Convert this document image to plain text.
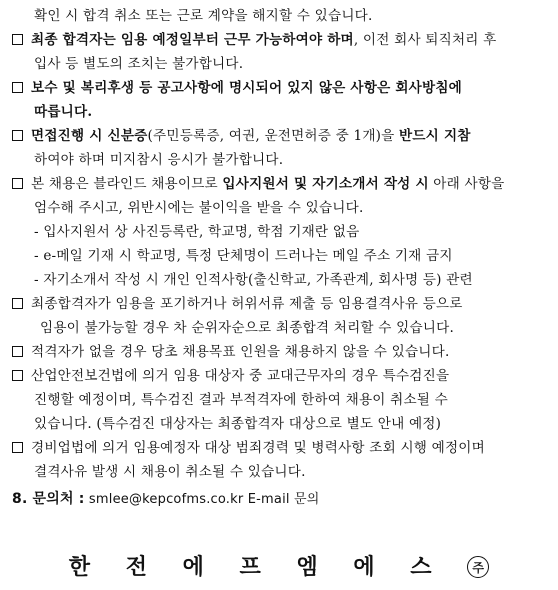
확인 시 합격 취소 또는 근로 계약을 해지할 수 있습니다.
최종 합격자는 임용 예정일부터 근무 가능하여야 하며, 이전 회사 퇴직처리 후
입사 등 별도의 조치는 불가합니다.
보수 및 복리후생 등 공고사항에 명시되어 있지 않은 사항은 회사방침에
따릅니다.
면접진행 시 신분증(주민등록증, 여권, 운전면허증 중 1개)을 반드시 지참
하여야 하며 미지참시 응시가 불가합니다.
본 채용은 블라인드 채용이므로 입사지원서 및 자기소개서 작성 시 아래 사항을
엄수해 주시고, 위반시에는 불이익을 받을 수 있습니다.
- 입사지원서 상 사진등록란, 학교명, 학점 기재란 없음
- e-메일 기재 시 학교명, 특정 단체명이 드러나는 메일 주소 기재 금지
- 자기소개서 작성 시 개인 인적사항(출신학교, 가족관계, 회사명 등) 관련
최종합격자가 임용을 포기하거나 허위서류 제출 등 임용결격사유 등으로
임용이 불가능할 경우 차 순위자순으로 최종합격 처리할 수 있습니다.
적격자가 없을 경우 당초 채용목표 인원을 채용하지 않을 수 있습니다.
산업안전보건법에 의거 임용 대상자 중 교대근무자의 경우 특수검진을
진행할 예정이며, 특수검진 결과 부적격자에 한하여 채용이 취소될 수
있습니다. (특수검진 대상자는 최종합격자 대상으로 별도 안내 예정)
경비업법에 의거 임용예정자 대상 범죄경력 및 병력사항 조회 시행 예정이며
결격사유 발생 시 채용이 취소될 수 있습니다.
8. 문의처 : smlee@kepcofms.co.kr E-mail 문의
한 전 에 프 엠 에 스 주
